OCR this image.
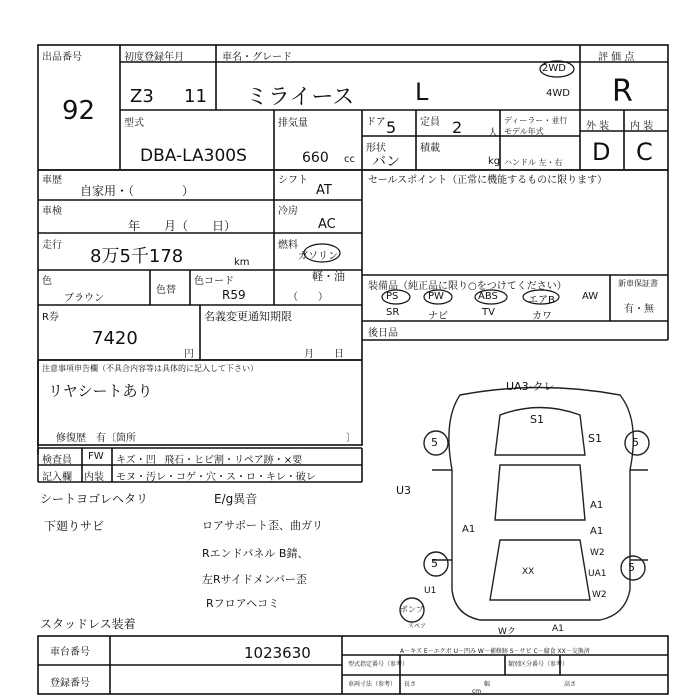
出品番号
92
初度登録年月
Z3 11
車名・グレード
ミライース	L
2WD
4WD
評 価 点
R
外 装 内 装
D C
型式
DBA-LA300S
排気量
660 cc
ドア 5 定員 2	人
ディーラー・並行
モデル年式
形状
バン
積載
kg ハンドル 左・右
車歴
自家用・（　　　　）
シフト
AT
車検
年　　月（　　日）
冷房
AC
走行
8万5千178	km
燃料
ガソリン
軽・油
（　　）
色
ブラウン
色替
色コード
R59
R券
7420
円
名義変更通知期限
月　　日
セールスポイント（正常に機能するものに限ります）
装備品（純正品に限り○をつけてください）	新車保証書
有・無
PS	PW	ABS	エアB	AW
SR	ナビ	TV	カワ
後日品
注意事項申告欄（不具合内容等は具体的に記入して下さい）
リヤシートあり
修復歴　有〔箇所	〕
検査員
記入欄
FW キズ・凹 飛石・ヒビ割・リペア跡・×要
内装 モヌ・汚レ・コゲ・穴・ス・ロ・キレ・破レ
シートヨゴレヘタリ
下廻りサビ
スタッドレス装着
E/g異音
ロアサポート歪、曲ガリ
Rエンドパネル B錆、
左Rサイドメンバー歪
Rフロアヘコミ
UA3-クレ
S1
S1
5	5
U3
A1
A1	A1
W2
UA1
5	5
XX
U1	W2
ポンプ
スペア
Wク	A1
A－キズ E－エクボ U－凹み W－補修跡 S－サビ C－腐食 XX－交換済
車台番号	1023630
登録番号
型式指定番号（参考）	類別区分番号（参考）
車両寸法（参考） 長さ	幅	高さ
cm
